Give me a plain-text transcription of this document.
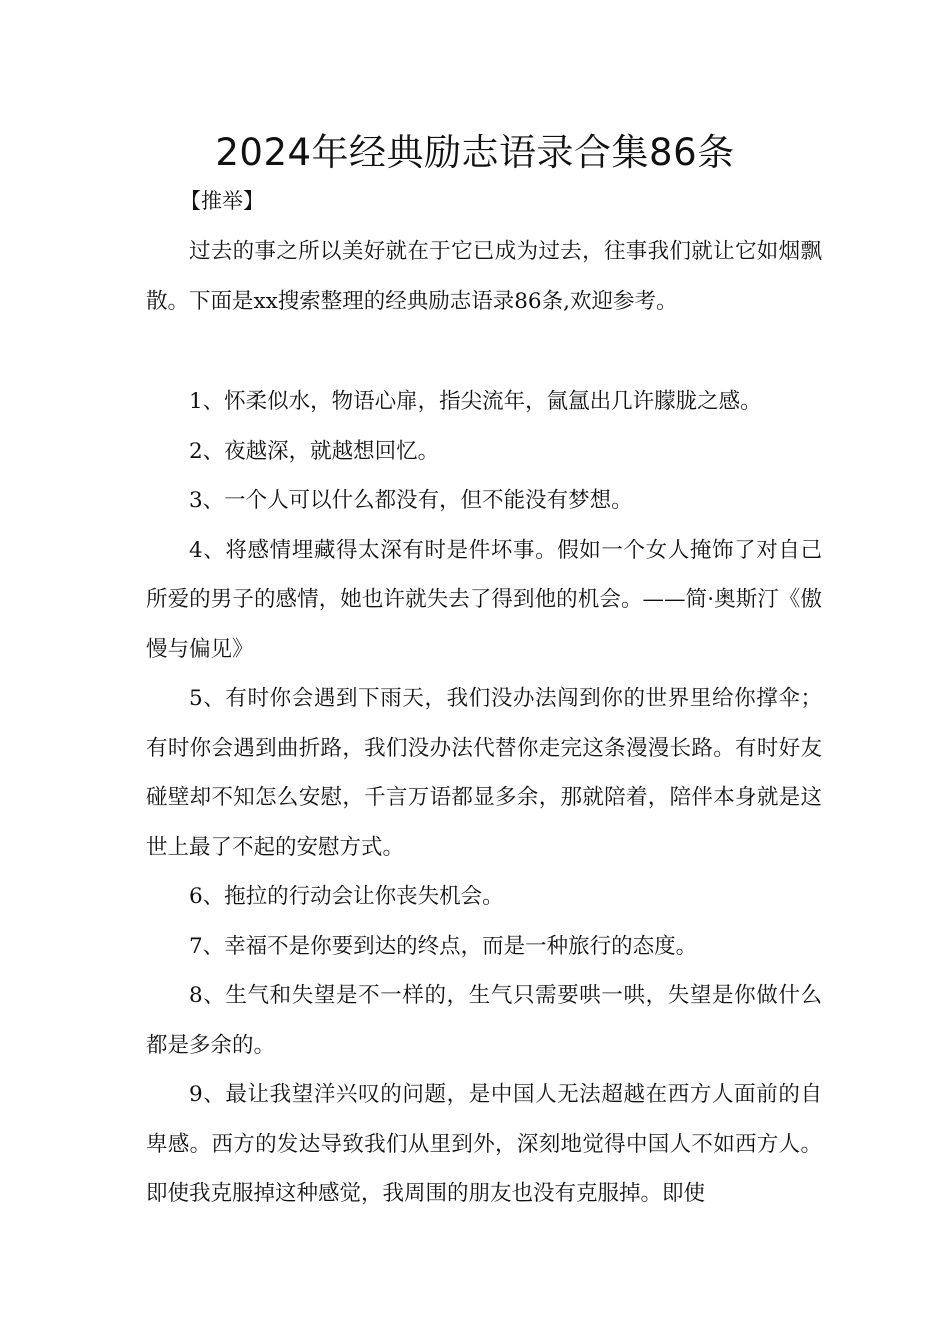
2024年经典励志语录合集86条

【推举】

过去的事之所以美好就在于它已成为过去，往事我们就让它如烟飘散。下面是xx搜索整理的经典励志语录86条,欢迎参考。

1、怀柔似水，物语心扉，指尖流年，氤氲出几许朦胧之感。

2、夜越深，就越想回忆。

3、一个人可以什么都没有，但不能没有梦想。

4、将感情埋藏得太深有时是件坏事。假如一个女人掩饰了对自己所爱的男子的感情，她也许就失去了得到他的机会。——简·奥斯汀《傲慢与偏见》

5、有时你会遇到下雨天，我们没办法闯到你的世界里给你撑伞；有时你会遇到曲折路，我们没办法代替你走完这条漫漫长路。有时好友碰壁却不知怎么安慰，千言万语都显多余，那就陪着，陪伴本身就是这世上最了不起的安慰方式。

6、拖拉的行动会让你丧失机会。

7、幸福不是你要到达的终点，而是一种旅行的态度。

8、生气和失望是不一样的，生气只需要哄一哄，失望是你做什么都是多余的。

9、最让我望洋兴叹的问题，是中国人无法超越在西方人面前的自卑感。西方的发达导致我们从里到外，深刻地觉得中国人不如西方人。即使我克服掉这种感觉，我周围的朋友也没有克服掉。即使
